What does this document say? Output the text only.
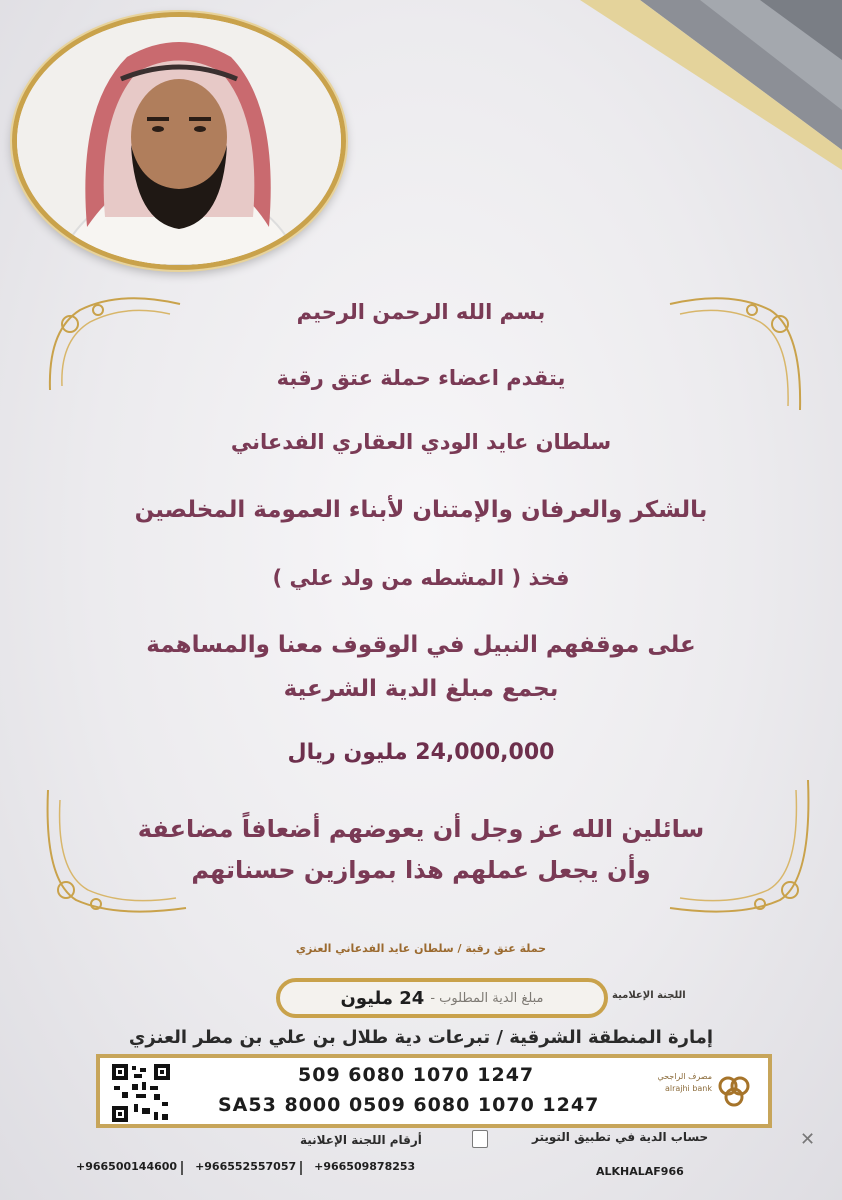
بسم الله الرحمن الرحيم
يتقدم اعضاء حملة عتق رقبة
سلطان عايد الودي العقاري الفدعاني
بالشكر والعرفان والإمتنان لأبناء العمومة المخلصين
فخذ ( المشطه من ولد علي )
على موقفهم النبيل في الوقوف معنا والمساهمة
بجمع مبلغ الدية الشرعية
24,000,000 مليون ريال
سائلين الله عز وجل أن يعوضهم أضعافاً مضاعفة
وأن يجعل عملهم هذا بموازين حسناتهم
حملة عتق رقبة / سلطان عايد الفدعاني العنزي
مبلغ الدية المطلوب -
24 مليون	اللجنة الإعلامية
إمارة المنطقة الشرقية / تبرعات دية طلال بن علي بن مطر العنزي
509 6080 1070 1247
SA53 8000 0509 6080 1070 1247
مصرف الراجحي
alrajhi bank
أرقام اللجنة الإعلانية	حساب الدية في تطبيق التويتر	✕
+966500144600	+966552557057	+966509878253	ALKHALAF966
